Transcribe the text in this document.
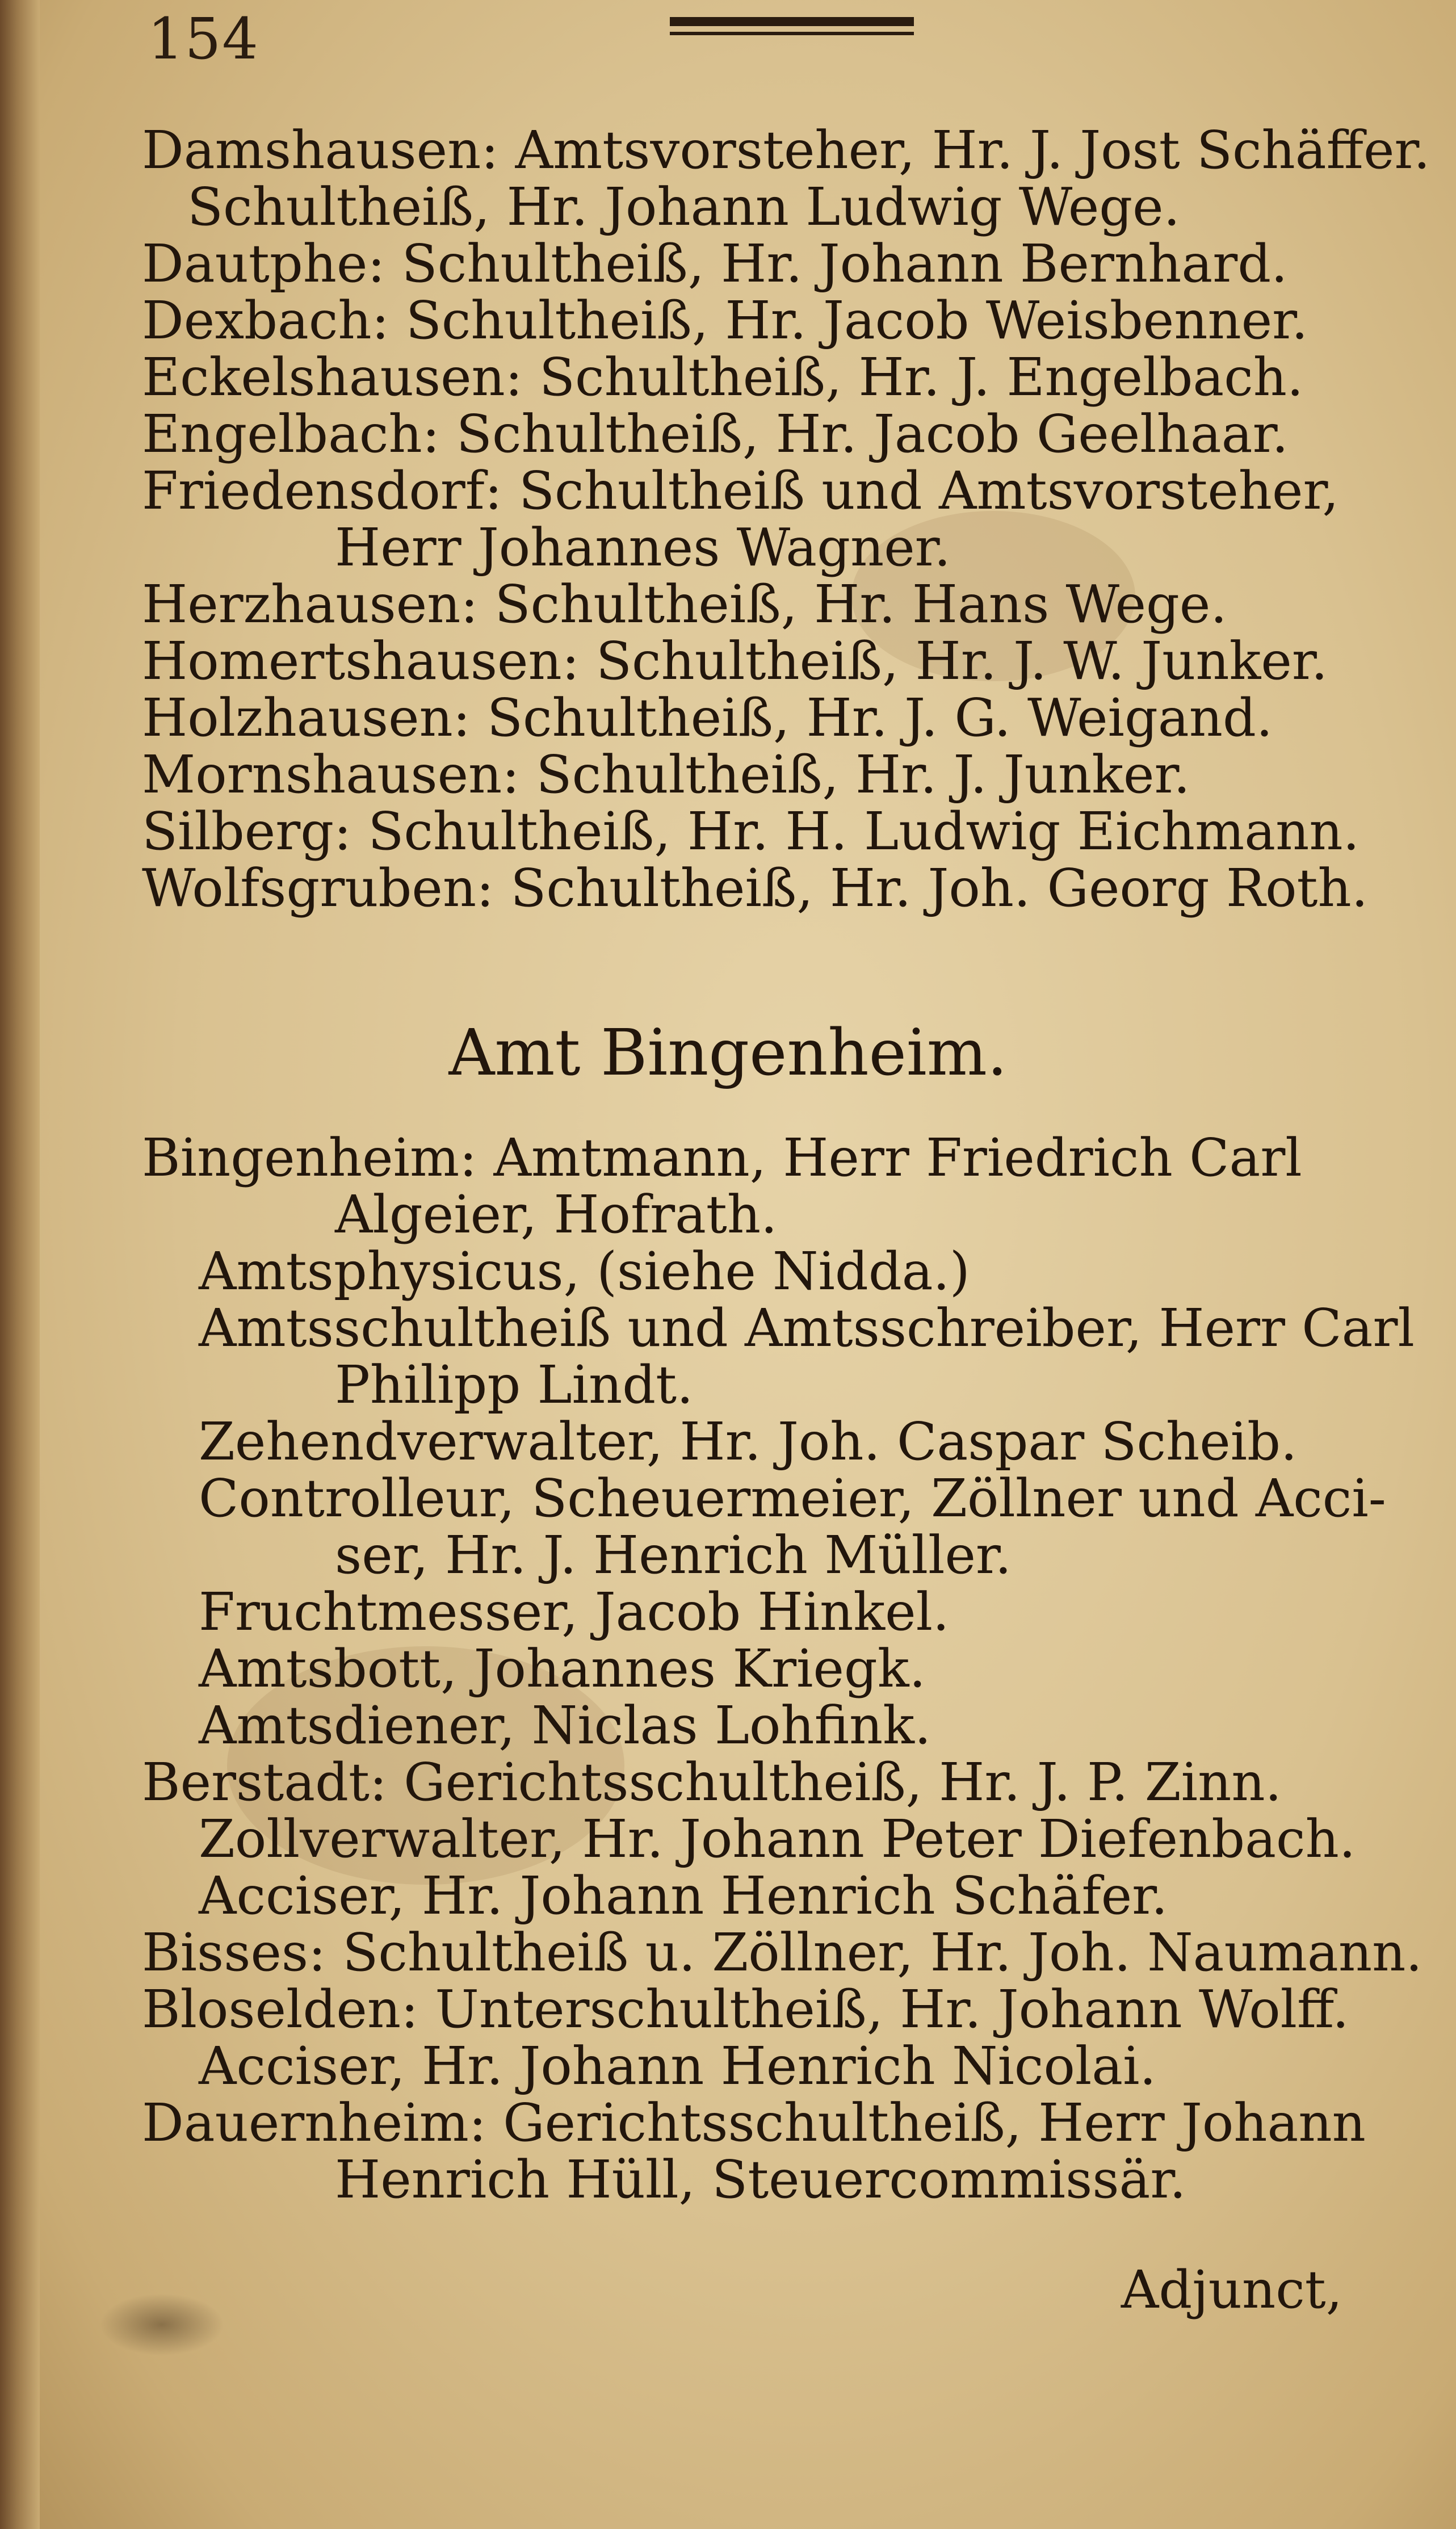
154
Damshausen: Amtsvorsteher, Hr. J. Jost Schäffer.
Schultheiß, Hr. Johann Ludwig Wege.
Dautphe: Schultheiß, Hr. Johann Bernhard.
Dexbach: Schultheiß, Hr. Jacob Weisbenner.
Eckelshausen: Schultheiß, Hr. J. Engelbach.
Engelbach: Schultheiß, Hr. Jacob Geelhaar.
Friedensdorf: Schultheiß und Amtsvorsteher,
Herr Johannes Wagner.
Herzhausen: Schultheiß, Hr. Hans Wege.
Homertshausen: Schultheiß, Hr. J. W. Junker.
Holzhausen: Schultheiß, Hr. J. G. Weigand.
Mornshausen: Schultheiß, Hr. J. Junker.
Silberg: Schultheiß, Hr. H. Ludwig Eichmann.
Wolfsgruben: Schultheiß, Hr. Joh. Georg Roth.
Amt Bingenheim.
Bingenheim: Amtmann, Herr Friedrich Carl
Algeier, Hofrath.
Amtsphysicus, (siehe Nidda.)
Amtsschultheiß und Amtsschreiber, Herr Carl
Philipp Lindt.
Zehendverwalter, Hr. Joh. Caspar Scheib.
Controlleur, Scheuermeier, Zöllner und Acci-
ser, Hr. J. Henrich Müller.
Fruchtmesser, Jacob Hinkel.
Amtsbott, Johannes Kriegk.
Amtsdiener, Niclas Lohfink.
Berstadt: Gerichtsschultheiß, Hr. J. P. Zinn.
Zollverwalter, Hr. Johann Peter Diefenbach.
Acciser, Hr. Johann Henrich Schäfer.
Bisses: Schultheiß u. Zöllner, Hr. Joh. Naumann.
Bloselden: Unterschultheiß, Hr. Johann Wolff.
Acciser, Hr. Johann Henrich Nicolai.
Dauernheim: Gerichtsschultheiß, Herr Johann
Henrich Hüll, Steuercommissär.
Adjunct,
